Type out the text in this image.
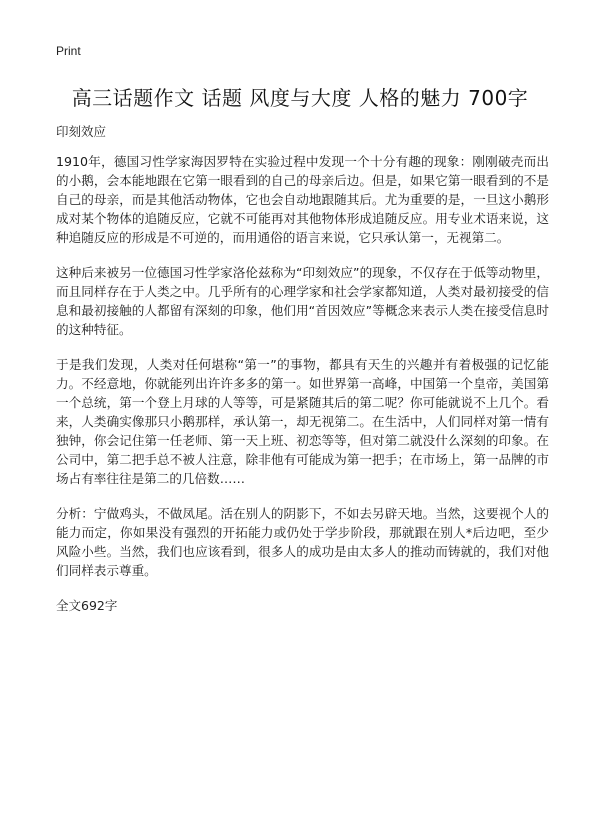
Print
高三话题作文 话题 风度与大度 人格的魅力 700字
印刻效应

1910年，德国习性学家海因罗特在实验过程中发现一个十分有趣的现象：刚刚破壳而出的小鹅，会本能地跟在它第一眼看到的自己的母亲后边。但是，如果它第一眼看到的不是自己的母亲，而是其他活动物体，它也会自动地跟随其后。尤为重要的是，一旦这小鹅形成对某个物体的追随反应，它就不可能再对其他物体形成追随反应。用专业术语来说，这种追随反应的形成是不可逆的，而用通俗的语言来说，它只承认第一，无视第二。

这种后来被另一位德国习性学家洛伦兹称为“印刻效应”的现象，不仅存在于低等动物里，而且同样存在于人类之中。几乎所有的心理学家和社会学家都知道，人类对最初接受的信息和最初接触的人都留有深刻的印象，他们用“首因效应”等概念来表示人类在接受信息时的这种特征。

于是我们发现，人类对任何堪称“第一”的事物，都具有天生的兴趣并有着极强的记忆能力。不经意地，你就能列出许许多多的第一。如世界第一高峰，中国第一个皇帝，美国第一个总统，第一个登上月球的人等等，可是紧随其后的第二呢？你可能就说不上几个。看来，人类确实像那只小鹅那样，承认第一，却无视第二。在生活中，人们同样对第一情有独钟，你会记住第一任老师、第一天上班、初恋等等，但对第二就没什么深刻的印象。在公司中，第二把手总不被人注意，除非他有可能成为第一把手；在市场上，第一品牌的市场占有率往往是第二的几倍数……

分析：宁做鸡头，不做凤尾。活在别人的阴影下，不如去另辟天地。当然，这要视个人的能力而定，你如果没有强烈的开拓能力或仍处于学步阶段，那就跟在别人*后边吧，至少风险小些。当然，我们也应该看到，很多人的成功是由太多人的推动而铸就的，我们对他们同样表示尊重。

全文692字
